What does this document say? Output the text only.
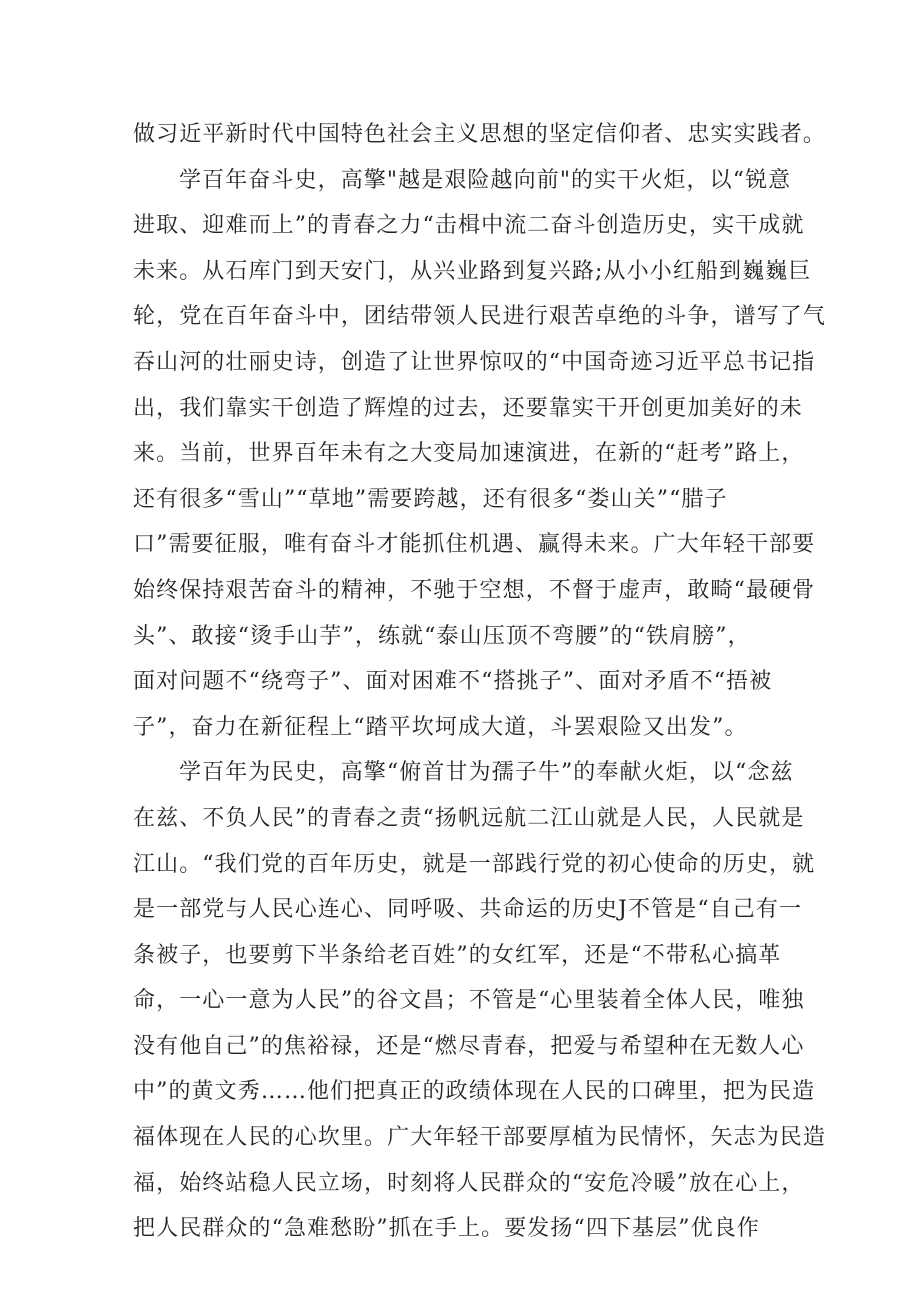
做习近平新时代中国特色社会主义思想的坚定信仰者、忠实实践者。
学百年奋斗史，高擎"越是艰险越向前"的实干火炬，以“锐意
进取、迎难而上”的青春之力“击楫中流二奋斗创造历史，实干成就
未来。从石库门到天安门，从兴业路到复兴路;从小小红船到巍巍巨
轮，党在百年奋斗中，团结带领人民进行艰苦卓绝的斗争，谱写了气
吞山河的壮丽史诗，创造了让世界惊叹的“中国奇迹习近平总书记指
出，我们靠实干创造了辉煌的过去，还要靠实干开创更加美好的未
来。当前，世界百年未有之大变局加速演进，在新的“赶考”路上，
还有很多“雪山”“草地”需要跨越，还有很多“娄山关”“腊子
口”需要征服，唯有奋斗才能抓住机遇、赢得未来。广大年轻干部要
始终保持艰苦奋斗的精神，不驰于空想，不督于虚声，敢畸“最硬骨
头”、敢接“烫手山芋”，练就“泰山压顶不弯腰”的“铁肩膀”，
面对问题不“绕弯子”、面对困难不“搭挑子”、面对矛盾不“捂被
子”，奋力在新征程上“踏平坎坷成大道，斗罢艰险又出发”。
学百年为民史，高擎“俯首甘为孺子牛”的奉献火炬，以“念兹
在兹、不负人民”的青春之责“扬帆远航二江山就是人民，人民就是
江山。“我们党的百年历史，就是一部践行党的初心使命的历史，就
是一部党与人民心连心、同呼吸、共命运的历史J不管是“自己有一
条被子，也要剪下半条给老百姓”的女红军，还是“不带私心搞革
命，一心一意为人民”的谷文昌；不管是“心里装着全体人民，唯独
没有他自己”的焦裕禄，还是“燃尽青春，把爱与希望种在无数人心
中”的黄文秀……他们把真正的政绩体现在人民的口碑里，把为民造
福体现在人民的心坎里。广大年轻干部要厚植为民情怀，矢志为民造
福，始终站稳人民立场，时刻将人民群众的“安危冷暖”放在心上，
把人民群众的“急难愁盼”抓在手上。要发扬“四下基层”优良作
